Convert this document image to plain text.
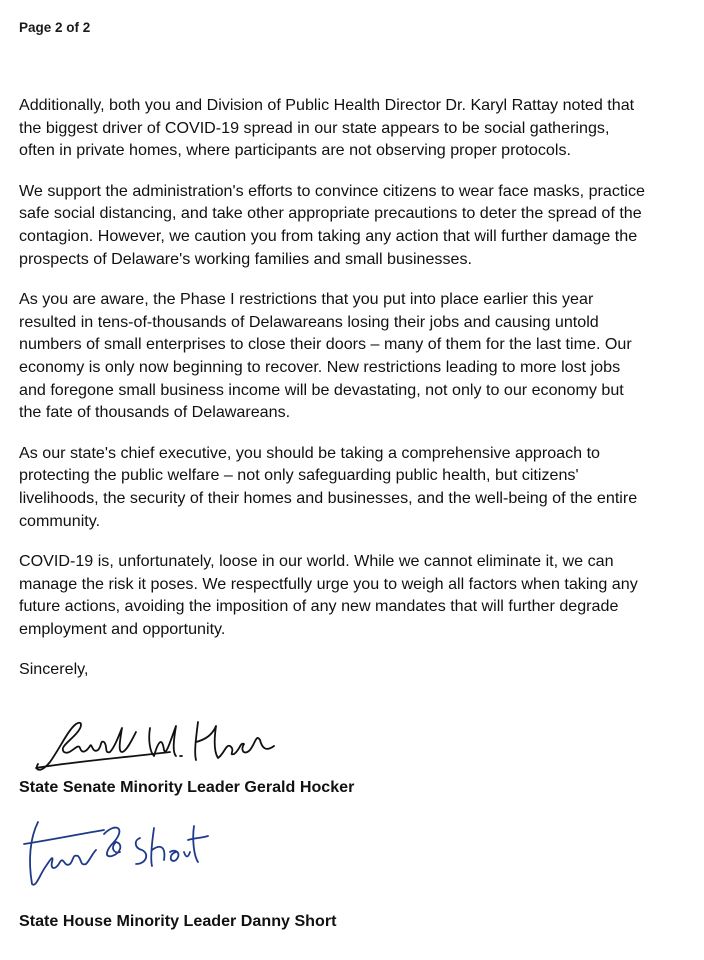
Page 2 of 2

Additionally, both you and Division of Public Health Director Dr. Karyl Rattay noted that
the biggest driver of COVID-19 spread in our state appears to be social gatherings,
often in private homes, where participants are not observing proper protocols.

We support the administration's efforts to convince citizens to wear face masks, practice
safe social distancing, and take other appropriate precautions to deter the spread of the
contagion. However, we caution you from taking any action that will further damage the
prospects of Delaware's working families and small businesses.

As you are aware, the Phase I restrictions that you put into place earlier this year
resulted in tens-of-thousands of Delawareans losing their jobs and causing untold
numbers of small enterprises to close their doors – many of them for the last time. Our
economy is only now beginning to recover. New restrictions leading to more lost jobs
and foregone small business income will be devastating, not only to our economy but
the fate of thousands of Delawareans.

As our state's chief executive, you should be taking a comprehensive approach to
protecting the public welfare – not only safeguarding public health, but citizens'
livelihoods, the security of their homes and businesses, and the well-being of the entire
community.

COVID-19 is, unfortunately, loose in our world. While we cannot eliminate it, we can
manage the risk it poses. We respectfully urge you to weigh all factors when taking any
future actions, avoiding the imposition of any new mandates that will further degrade
employment and opportunity.

Sincerely,

State Senate Minority Leader Gerald Hocker
State House Minority Leader Danny Short
